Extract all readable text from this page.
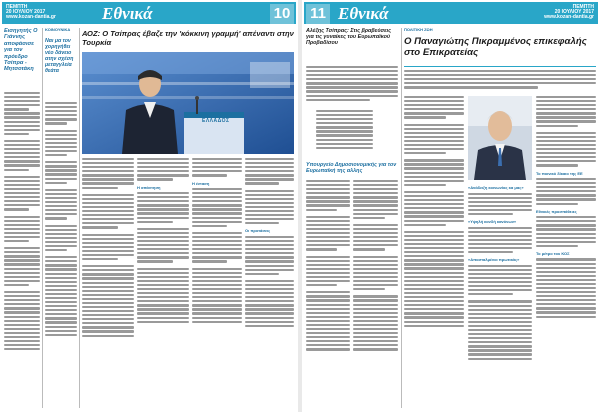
ΠΕΜΠΤΗ
20 ΙΟΥΛΙΟΥ 2017
www.kozan-dantia.gr	Εθνικά	10
Εισηγητής Ο Γιάννης αποφάσισε για τον πρόεδρο Τσίπρα - Μητσοτάκη
ΚΟΙΝΟΥΝΙΚΑ
Ναι μα τον χορηγήθει νέο δάνειο ατην σχέση μεταγγλεία θεάτα
ΑΟΖ: Ο Τσίπρας έβαζε την 'κόκκινη γραμμή' απέναντι στην Τουρκία
ΕΛΛΑΔΟΣ
Η απάντηση
Η ένταση
Οι προτάσεις
11 Εθνικά	ΠΕΜΠΤΗ
20 ΙΟΥΛΙΟΥ 2017
www.kozan-dantia.gr
Αλέξης Τσίπρας: Στις βραβεύσεις για τις γυναίκες του Ευρωπαϊκού Προβαδίσου
Υπουργείο Δημοσιονομικής για τον Ευρωπαϊκή της αλλης
ΠΟΛΙΤΙΚΗ ΖΩΗ
Ο Παναγιώτης Πικραμμένος επικεφαλής στο Επικρατείας
«Ανάδειξη κοινωνίας κα μας»
«Υψηλή κονδή κανόνων»
«Αποσταλμένοι πρωτικάς»
Το ποινικό δίκαιο της ΕΕ
Εθνικές προσπάθειες
Το μέτρο του ΚΟΣ
